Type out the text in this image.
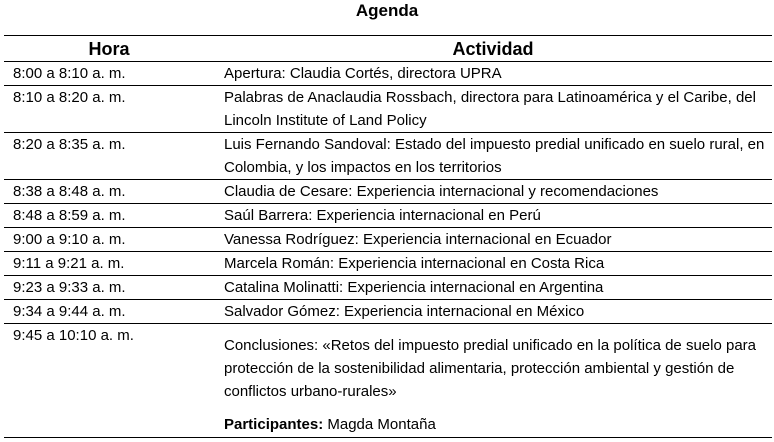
Agenda
Hora	Actividad
8:00 a 8:10 a. m.	Apertura: Claudia Cortés, directora UPRA
8:10 a 8:20 a. m.	Palabras de Anaclaudia Rossbach, directora para Latinoamérica y el Caribe, del Lincoln Institute of Land Policy
8:20 a 8:35 a. m.	Luis Fernando Sandoval: Estado del impuesto predial unificado en suelo rural, en Colombia, y los impactos en los territorios
8:38 a 8:48 a. m.	Claudia de Cesare: Experiencia internacional y recomendaciones
8:48 a 8:59 a. m.	Saúl Barrera: Experiencia internacional en Perú
9:00 a 9:10 a. m.	Vanessa Rodríguez: Experiencia internacional en Ecuador
9:11 a 9:21 a. m.	Marcela Román: Experiencia internacional en Costa Rica
9:23 a 9:33 a. m.	Catalina Molinatti: Experiencia internacional en Argentina
9:34 a 9:44 a. m.	Salvador Gómez: Experiencia internacional en México
9:45 a 10:10 a. m.	Conclusiones: «Retos del impuesto predial unificado en la política de suelo para protección de la sostenibilidad alimentaria, protección ambiental y gestión de conflictos urbano-rurales»
Participantes: Magda Montaña
